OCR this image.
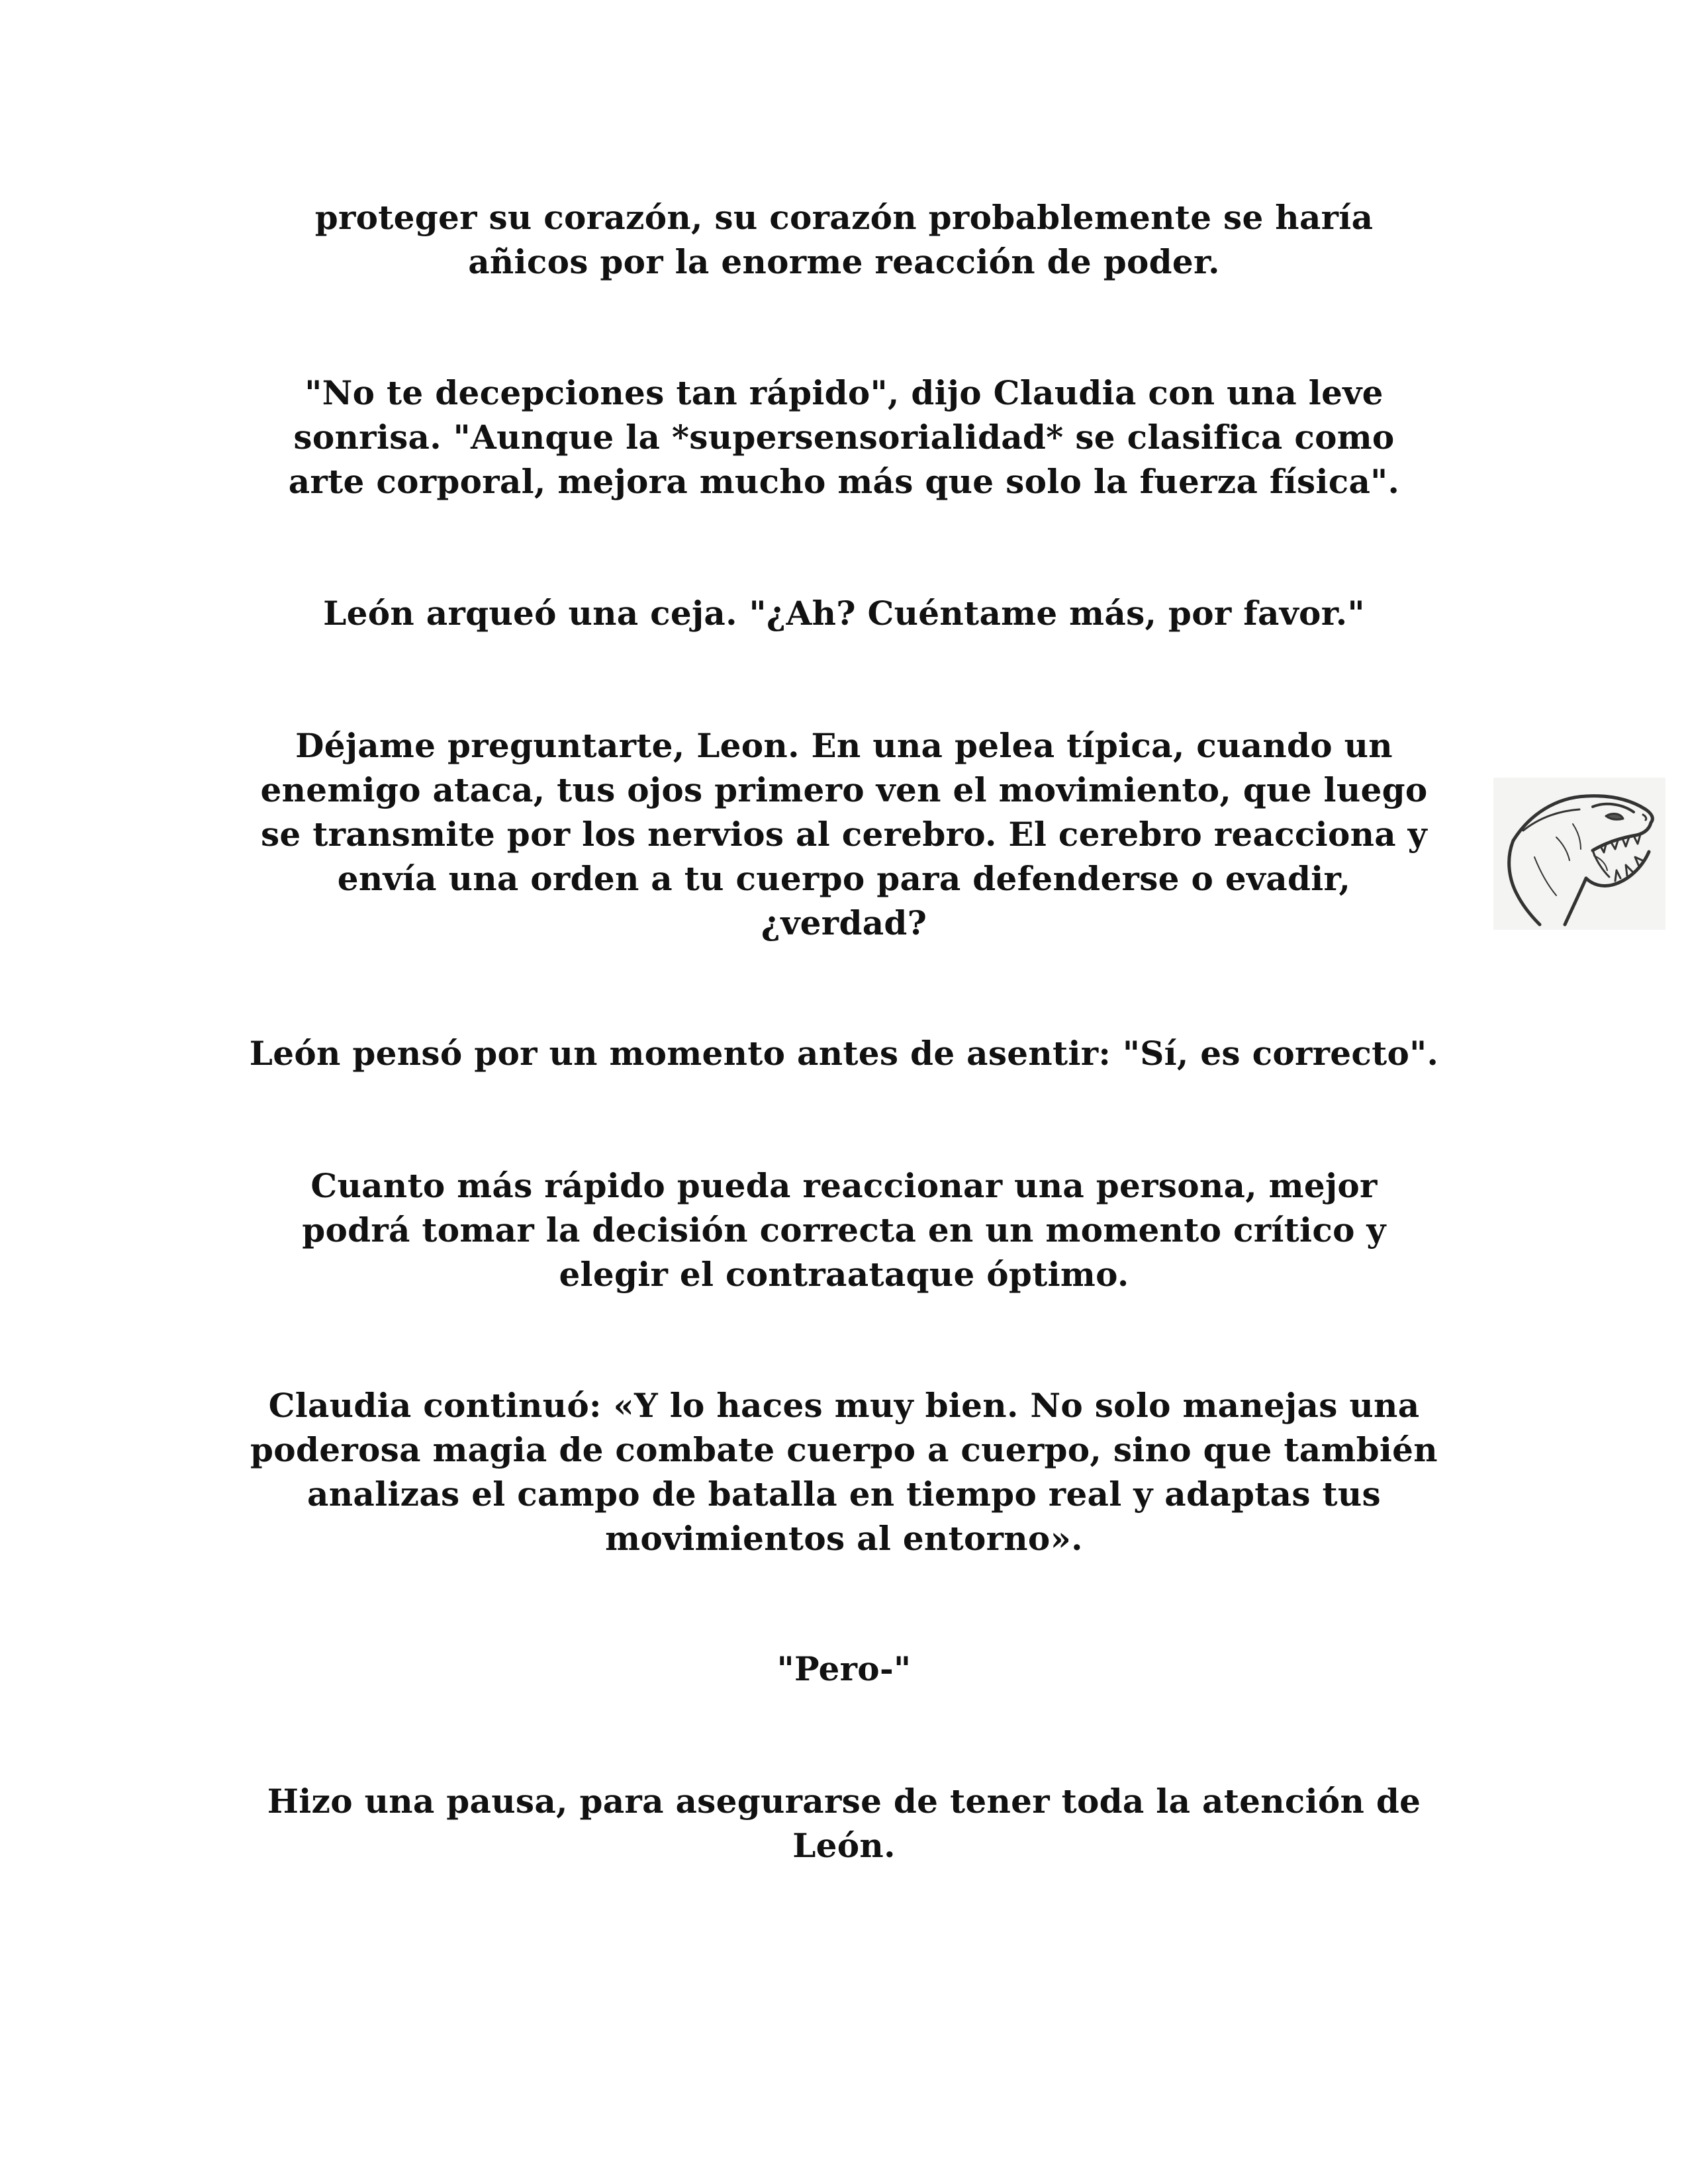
proteger su corazón, su corazón probablemente se haría
añicos por la enorme reacción de poder.

"No te decepciones tan rápido", dijo Claudia con una leve
sonrisa. "Aunque la *supersensorialidad* se clasifica como
arte corporal, mejora mucho más que solo la fuerza física".

León arqueó una ceja. "¿Ah? Cuéntame más, por favor."

Déjame preguntarte, Leon. En una pelea típica, cuando un
enemigo ataca, tus ojos primero ven el movimiento, que luego
se transmite por los nervios al cerebro. El cerebro reacciona y
envía una orden a tu cuerpo para defenderse o evadir,
¿verdad?

León pensó por un momento antes de asentir: "Sí, es correcto".

Cuanto más rápido pueda reaccionar una persona, mejor
podrá tomar la decisión correcta en un momento crítico y
elegir el contraataque óptimo.

Claudia continuó: «Y lo haces muy bien. No solo manejas una
poderosa magia de combate cuerpo a cuerpo, sino que también
analizas el campo de batalla en tiempo real y adaptas tus
movimientos al entorno».

"Pero-"

Hizo una pausa, para asegurarse de tener toda la atención de
León.
